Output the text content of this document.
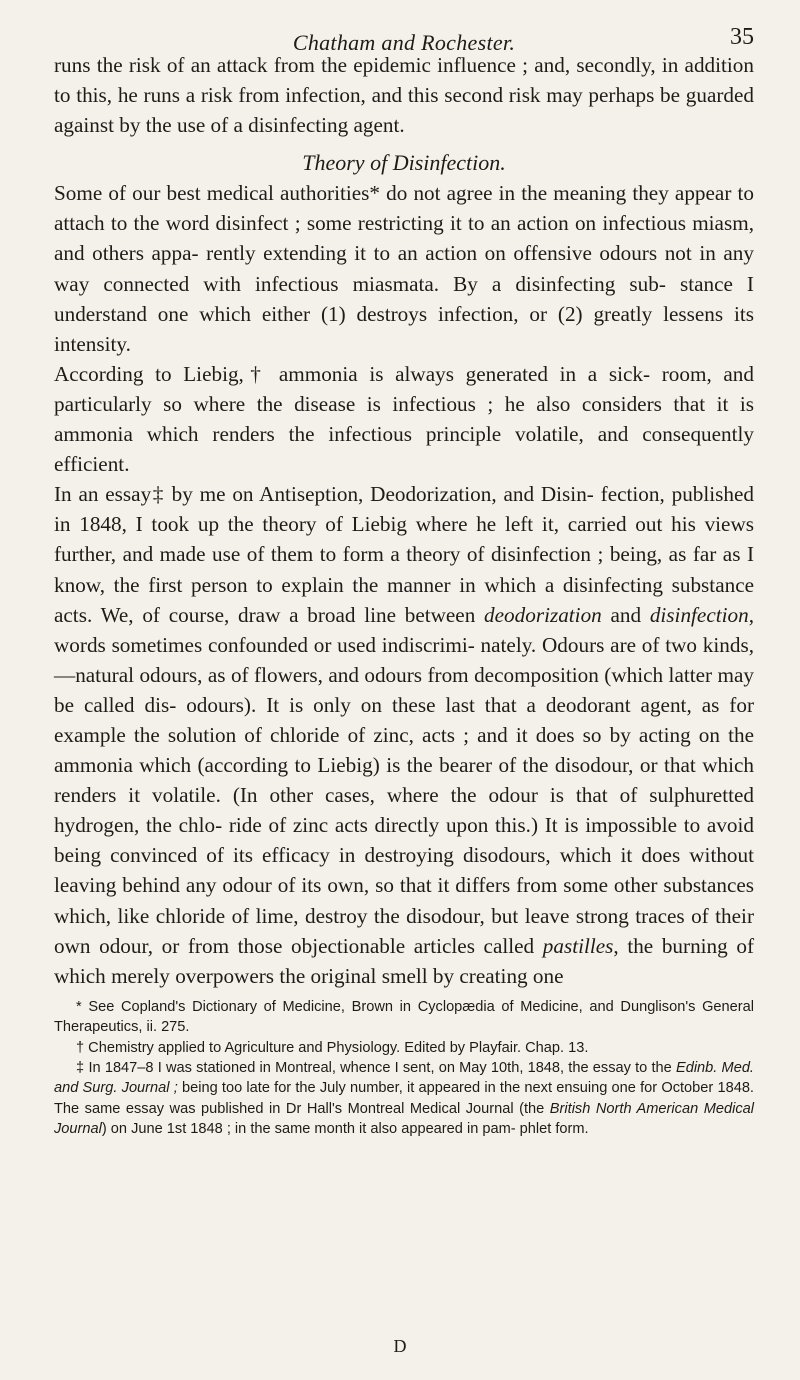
Chatham and Rochester.	35

runs the risk of an attack from the epidemic influence ; and, secondly, in addition to this, he runs a risk from infection, and this second risk may perhaps be guarded against by the use of a disinfecting agent.

Theory of Disinfection.

Some of our best medical authorities* do not agree in the meaning they appear to attach to the word disinfect ; some restricting it to an action on infectious miasm, and others appa- rently extending it to an action on offensive odours not in any way connected with infectious miasmata. By a disinfecting sub- stance I understand one which either (1) destroys infection, or (2) greatly lessens its intensity.

According to Liebig,† ammonia is always generated in a sick- room, and particularly so where the disease is infectious ; he also considers that it is ammonia which renders the infectious principle volatile, and consequently efficient.

In an essay‡ by me on Antiseption, Deodorization, and Disin- fection, published in 1848, I took up the theory of Liebig where he left it, carried out his views further, and made use of them to form a theory of disinfection ; being, as far as I know, the first person to explain the manner in which a disinfecting substance acts. We, of course, draw a broad line between deodorization and disinfection, words sometimes confounded or used indiscrimi- nately. Odours are of two kinds,—natural odours, as of flowers, and odours from decomposition (which latter may be called dis- odours). It is only on these last that a deodorant agent, as for example the solution of chloride of zinc, acts ; and it does so by acting on the ammonia which (according to Liebig) is the bearer of the disodour, or that which renders it volatile. (In other cases, where the odour is that of sulphuretted hydrogen, the chlo- ride of zinc acts directly upon this.) It is impossible to avoid being convinced of its efficacy in destroying disodours, which it does without leaving behind any odour of its own, so that it differs from some other substances which, like chloride of lime, destroy the disodour, but leave strong traces of their own odour, or from those objectionable articles called pastilles, the burning of which merely overpowers the original smell by creating one

* See Copland's Dictionary of Medicine, Brown in Cyclopædia of Medicine, and Dunglison's General Therapeutics, ii. 275.

† Chemistry applied to Agriculture and Physiology. Edited by Playfair. Chap. 13.

‡ In 1847–8 I was stationed in Montreal, whence I sent, on May 10th, 1848, the essay to the Edinb. Med. and Surg. Journal ; being too late for the July number, it appeared in the next ensuing one for October 1848. The same essay was published in Dr Hall's Montreal Medical Journal (the British North American Medical Journal) on June 1st 1848 ; in the same month it also appeared in pam- phlet form.

D
